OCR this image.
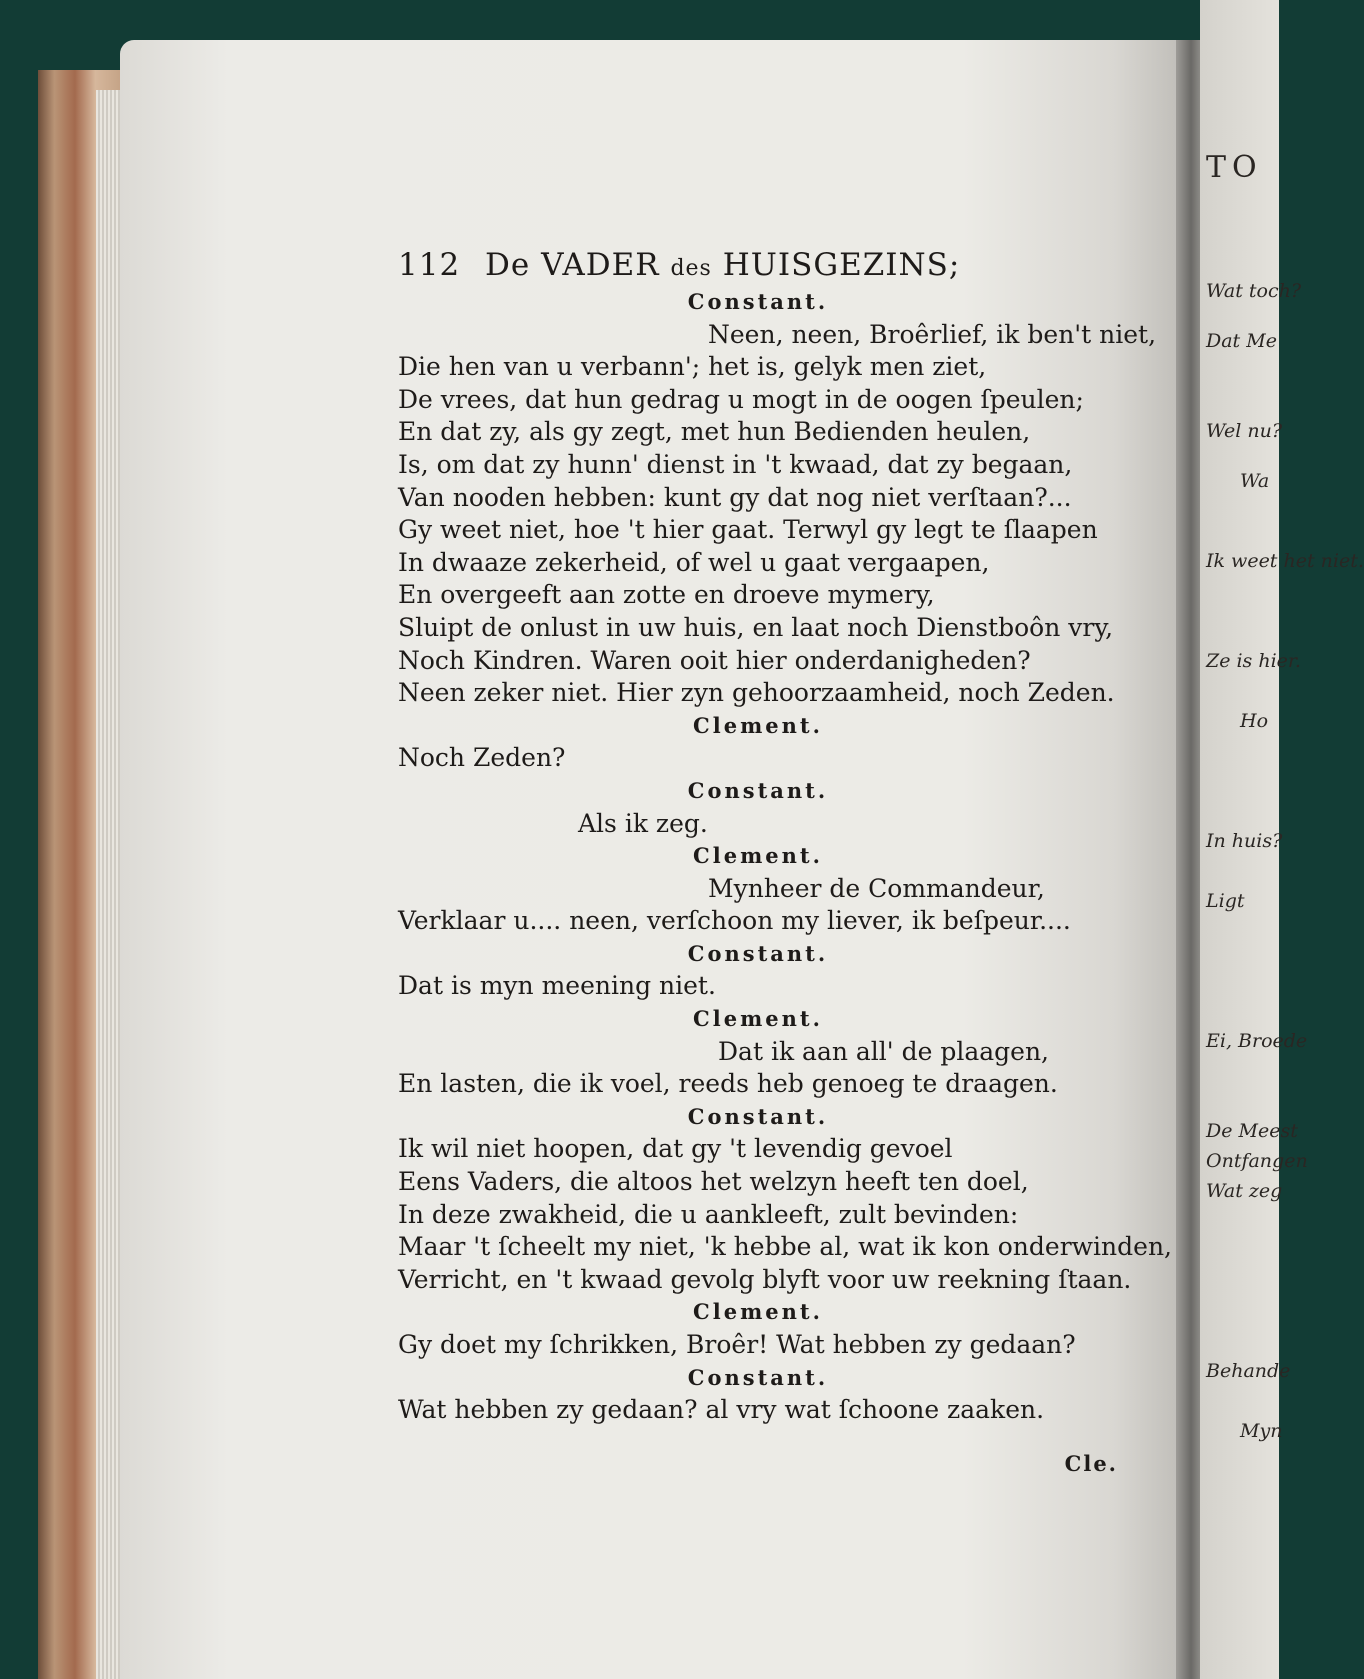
TO
Wat toch?
Dat Me
Wel nu?
Wa
Ik weet het niet.
Ze is hier.
Ho
In huis?
Ligt
Ei, Broede
De Meest
Ontfangen
Wat zeg
Behande
Myn
112 De VADER des HUISGEZINS;
Constant.
Neen, neen, Broêrlief, ik ben't niet,
Die hen van u verbann'; het is, gelyk men ziet,
De vrees, dat hun gedrag u mogt in de oogen ſpeulen;
En dat zy, als gy zegt, met hun Bedienden heulen,
Is, om dat zy hunn' dienst in 't kwaad, dat zy begaan,
Van nooden hebben: kunt gy dat nog niet verſtaan?...
Gy weet niet, hoe 't hier gaat. Terwyl gy legt te ſlaapen
In dwaaze zekerheid, of wel u gaat vergaapen,
En overgeeft aan zotte en droeve mymery,
Sluipt de onlust in uw huis, en laat noch Dienstboôn vry,
Noch Kindren. Waren ooit hier onderdanigheden?
Neen zeker niet. Hier zyn gehoorzaamheid, noch Zeden.
Clement.
Noch Zeden?
Constant.
Als ik zeg.
Clement.
Mynheer de Commandeur,
Verklaar u.... neen, verſchoon my liever, ik beſpeur....
Constant.
Dat is myn meening niet.
Clement.
Dat ik aan all' de plaagen,
En lasten, die ik voel, reeds heb genoeg te draagen.
Constant.
Ik wil niet hoopen, dat gy 't levendig gevoel
Eens Vaders, die altoos het welzyn heeft ten doel,
In deze zwakheid, die u aankleeft, zult bevinden:
Maar 't ſcheelt my niet, 'k hebbe al, wat ik kon onderwinden,
Verricht, en 't kwaad gevolg blyft voor uw reekning ſtaan.
Clement.
Gy doet my ſchrikken, Broêr! Wat hebben zy gedaan?
Constant.
Wat hebben zy gedaan? al vry wat ſchoone zaaken.
Cle.
